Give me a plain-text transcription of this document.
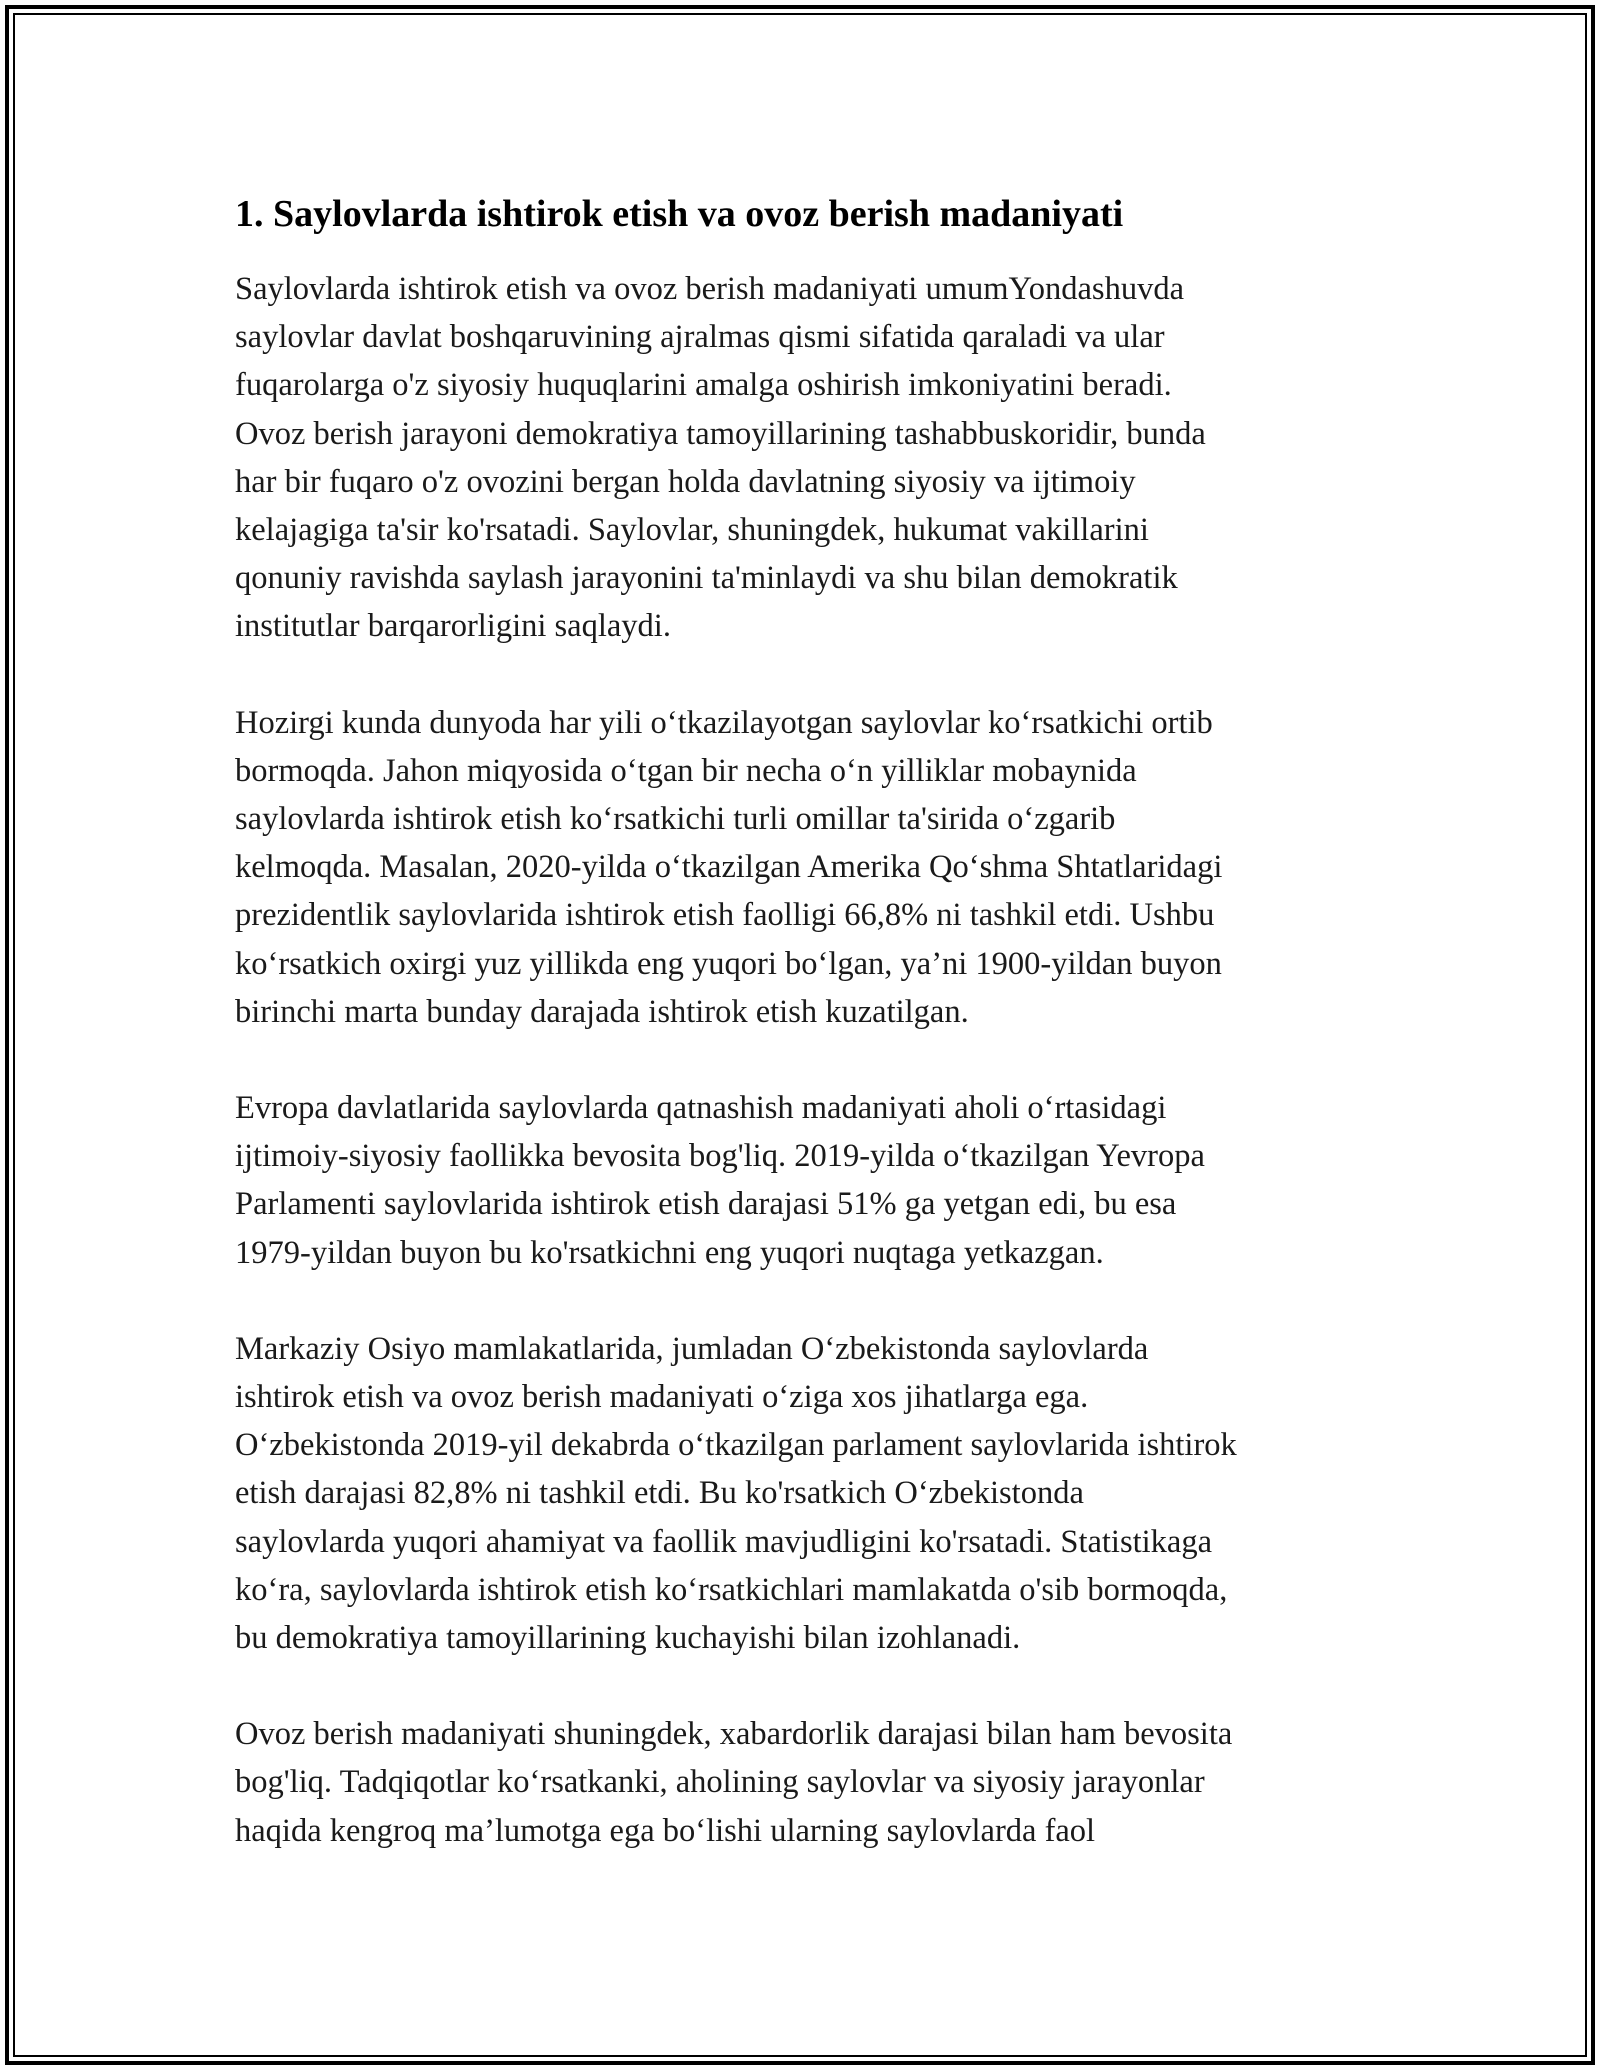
1. Saylovlarda ishtirok etish va ovoz berish madaniyati
Saylovlarda ishtirok etish va ovoz berish madaniyati umumYondashuvda
saylovlar davlat boshqaruvining ajralmas qismi sifatida qaraladi va ular
fuqarolarga o'z siyosiy huquqlarini amalga oshirish imkoniyatini beradi.
Ovoz berish jarayoni demokratiya tamoyillarining tashabbuskoridir, bunda
har bir fuqaro o'z ovozini bergan holda davlatning siyosiy va ijtimoiy
kelajagiga ta'sir ko'rsatadi. Saylovlar, shuningdek, hukumat vakillarini
qonuniy ravishda saylash jarayonini ta'minlaydi va shu bilan demokratik
institutlar barqarorligini saqlaydi.
Hozirgi kunda dunyoda har yili o‘tkazilayotgan saylovlar ko‘rsatkichi ortib
bormoqda. Jahon miqyosida o‘tgan bir necha o‘n yilliklar mobaynida
saylovlarda ishtirok etish ko‘rsatkichi turli omillar ta'sirida o‘zgarib
kelmoqda. Masalan, 2020-yilda o‘tkazilgan Amerika Qo‘shma Shtatlaridagi
prezidentlik saylovlarida ishtirok etish faolligi 66,8% ni tashkil etdi. Ushbu
ko‘rsatkich oxirgi yuz yillikda eng yuqori bo‘lgan, ya’ni 1900-yildan buyon
birinchi marta bunday darajada ishtirok etish kuzatilgan.
Evropa davlatlarida saylovlarda qatnashish madaniyati aholi o‘rtasidagi
ijtimoiy-siyosiy faollikka bevosita bog'liq. 2019-yilda o‘tkazilgan Yevropa
Parlamenti saylovlarida ishtirok etish darajasi 51% ga yetgan edi, bu esa
1979-yildan buyon bu ko'rsatkichni eng yuqori nuqtaga yetkazgan.
Markaziy Osiyo mamlakatlarida, jumladan O‘zbekistonda saylovlarda
ishtirok etish va ovoz berish madaniyati o‘ziga xos jihatlarga ega.
O‘zbekistonda 2019-yil dekabrda o‘tkazilgan parlament saylovlarida ishtirok
etish darajasi 82,8% ni tashkil etdi. Bu ko'rsatkich O‘zbekistonda
saylovlarda yuqori ahamiyat va faollik mavjudligini ko'rsatadi. Statistikaga
ko‘ra, saylovlarda ishtirok etish ko‘rsatkichlari mamlakatda o'sib bormoqda,
bu demokratiya tamoyillarining kuchayishi bilan izohlanadi.
Ovoz berish madaniyati shuningdek, xabardorlik darajasi bilan ham bevosita
bog'liq. Tadqiqotlar ko‘rsatkanki, aholining saylovlar va siyosiy jarayonlar
haqida kengroq ma’lumotga ega bo‘lishi ularning saylovlarda faol
